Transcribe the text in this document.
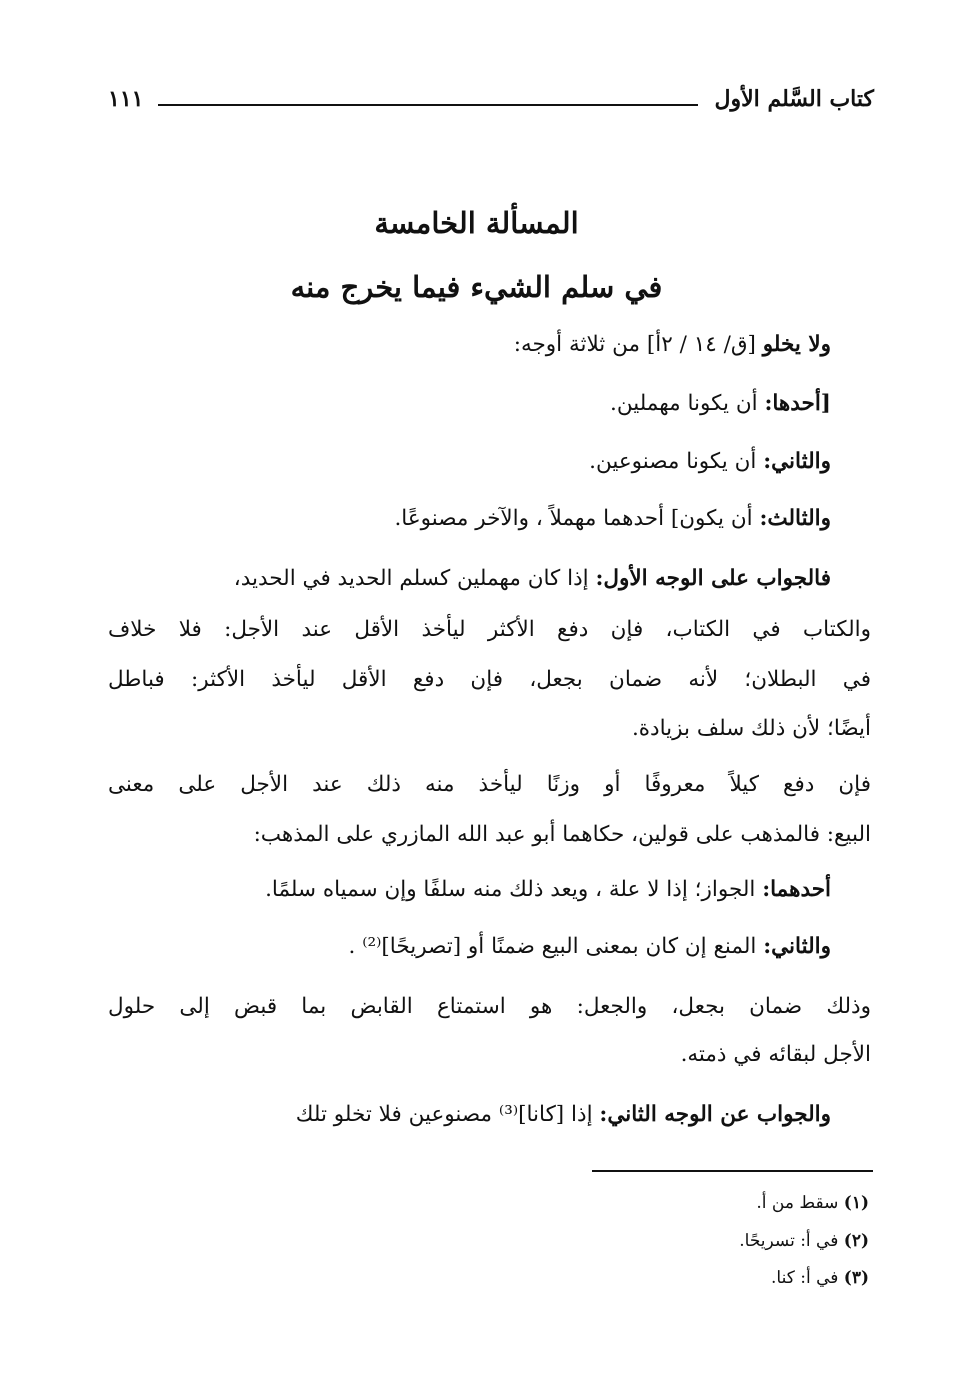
كتاب السَّلم الأول
١١١
المسألة الخامسة
في سلم الشيء فيما يخرج منه
ولا يخلو [ق/ ١٤ / ٢أ] من ثلاثة أوجه:
[أحدها: أن يكونا مهملين.
والثاني: أن يكونا مصنوعين.
والثالث: أن يكون] أحدهما مهملاً ، والآخر مصنوعًا.
فالجواب على الوجه الأول: إذا كان مهملين كسلم الحديد في الحديد،
والكتاب في الكتاب، فإن دفع الأكثر ليأخذ الأقل عند الأجل: فلا خلاف
في البطلان؛ لأنه ضمان بجعل، فإن دفع الأقل ليأخذ الأكثر: فباطل
أيضًا؛ لأن ذلك سلف بزيادة.
فإن دفع كيلاً معروفًا أو وزنًا ليأخذ منه ذلك عند الأجل على معنى
البيع: فالمذهب على قولين، حكاهما أبو عبد الله المازري على المذهب:
أحدهما: الجواز؛ إذا لا علة ، ويعد ذلك منه سلفًا وإن سمياه سلمًا.
والثاني: المنع إن كان بمعنى البيع ضمنًا أو [تصريحًا]⁽²⁾ .
وذلك ضمان بجعل، والجعل: هو استمتاع القابض بما قبض إلى حلول
الأجل لبقائه في ذمته.
والجواب عن الوجه الثاني: إذا [كانا]⁽³⁾ مصنوعين فلا تخلو تلك
(١) سقط من أ.
(٢) في أ: تسريحًا.
(٣) في أ: كنا.
